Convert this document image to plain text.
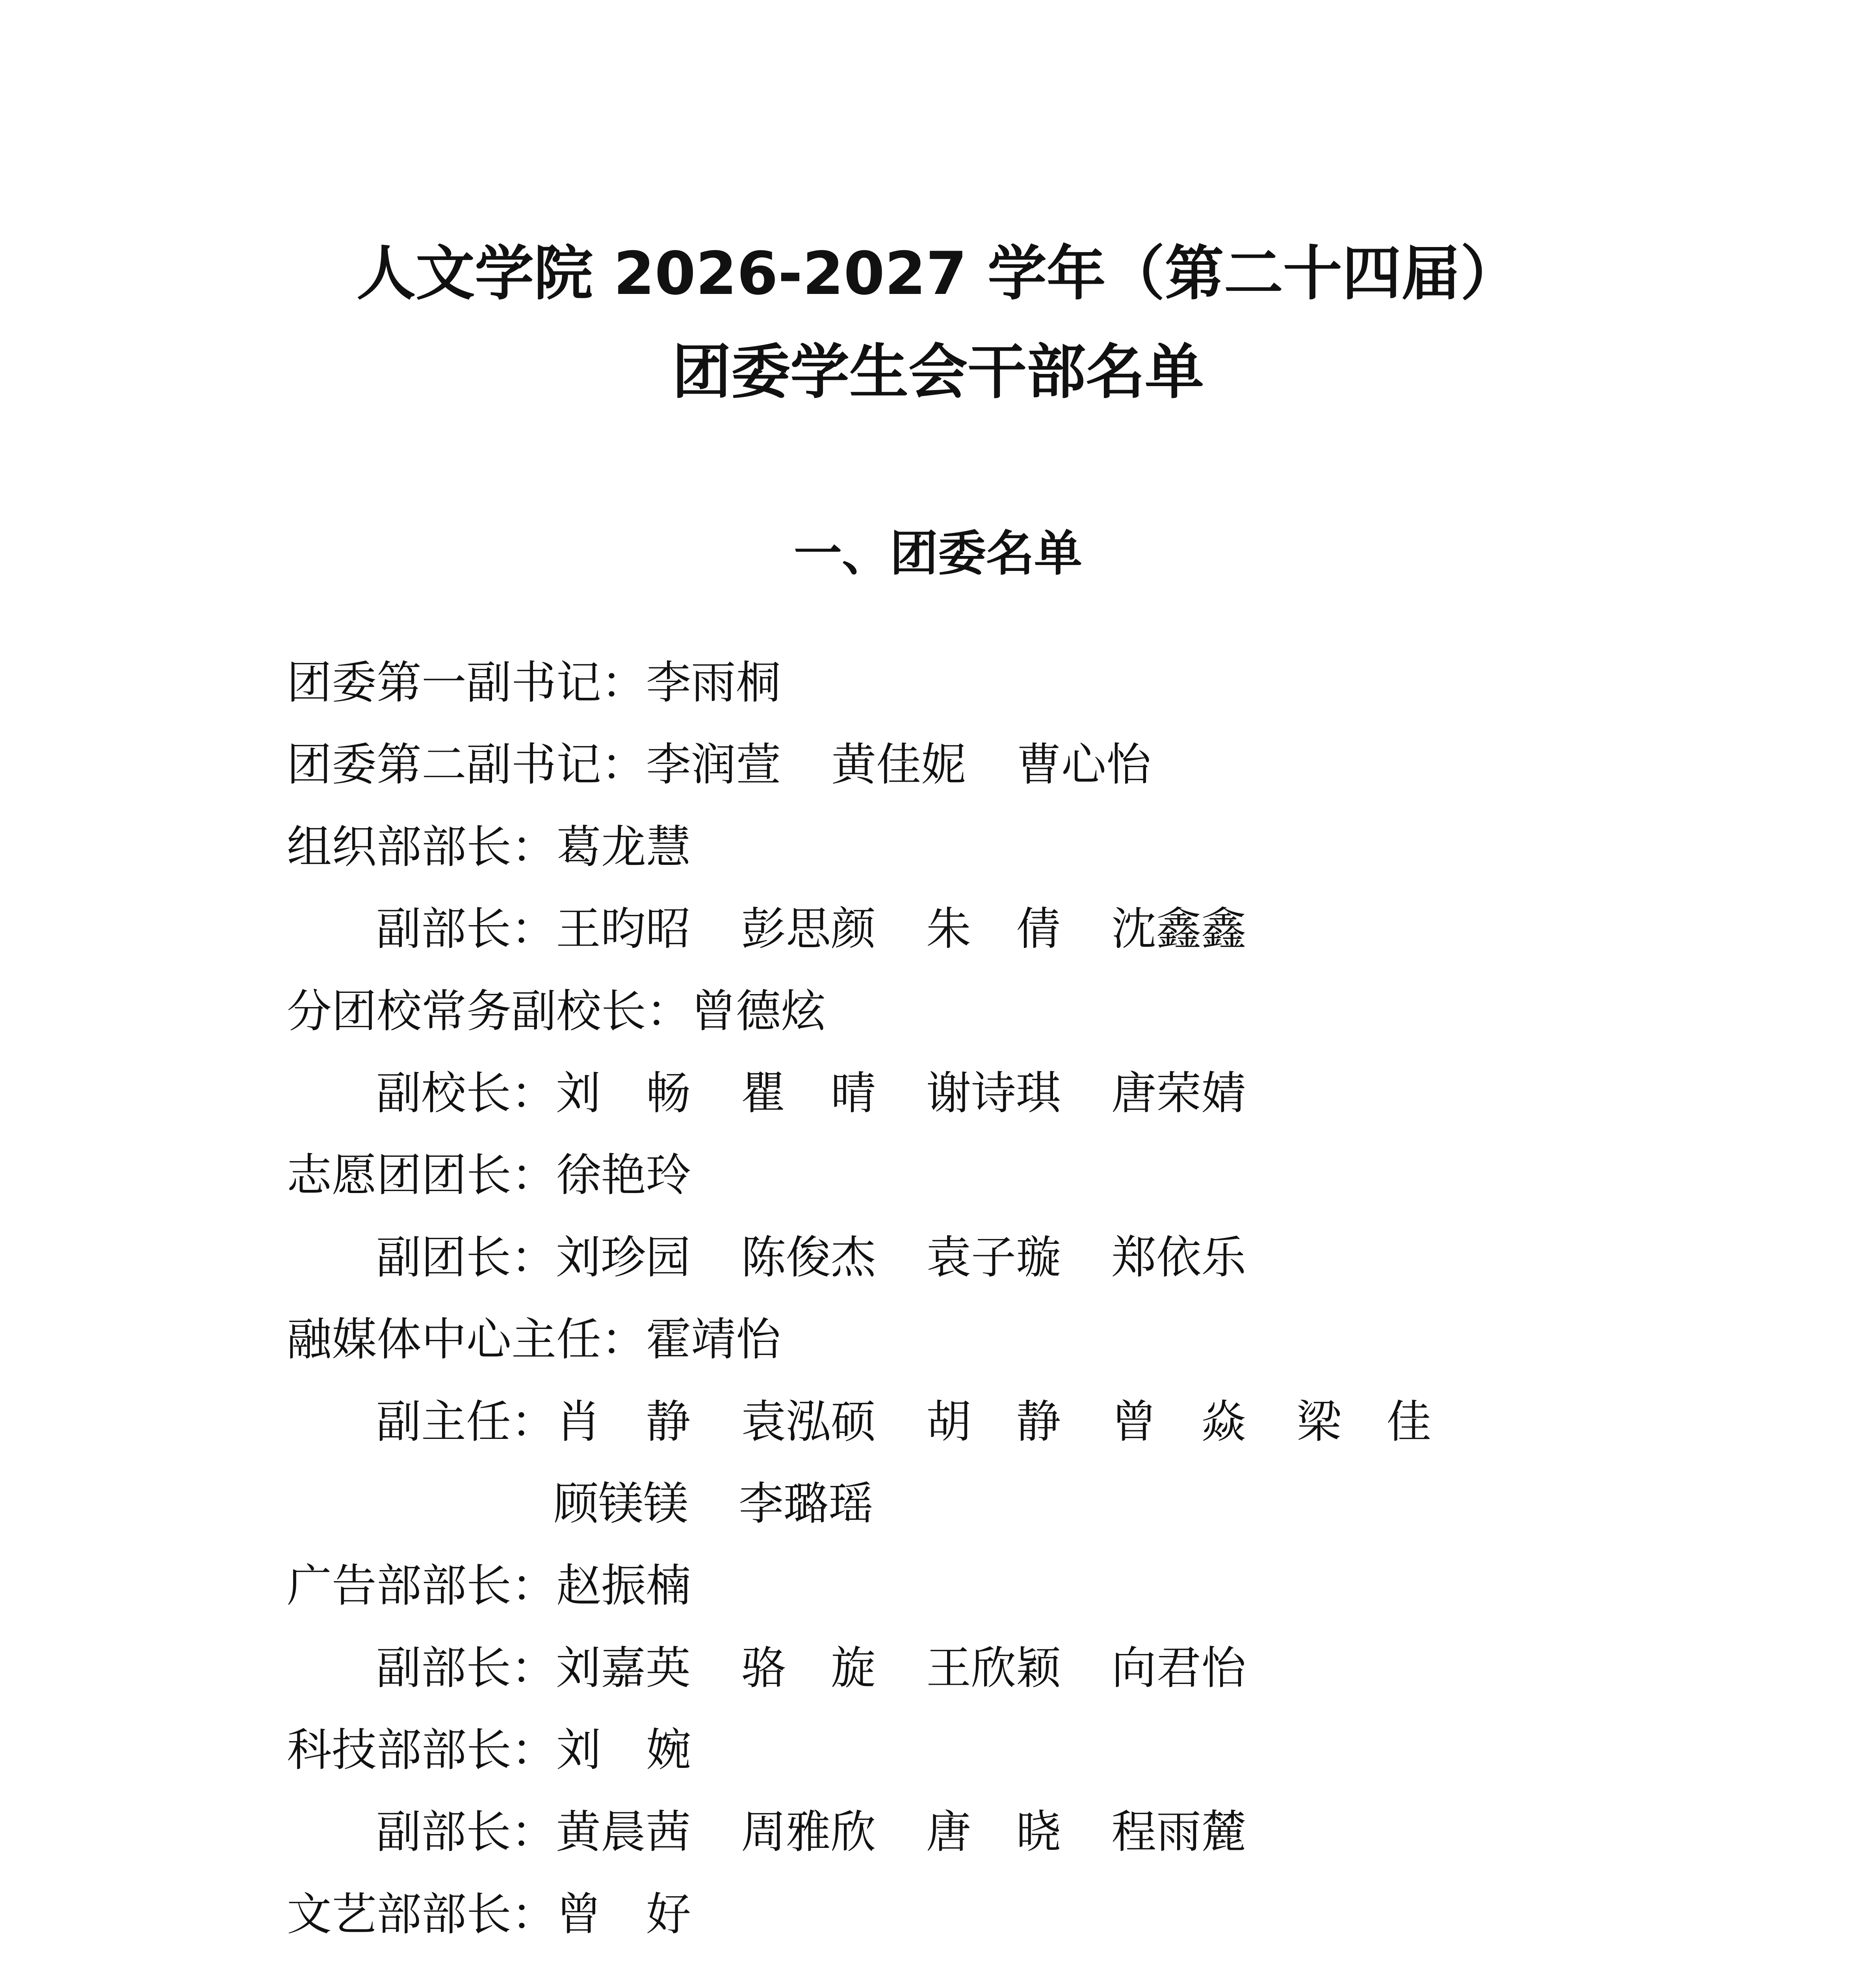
人文学院 2026-2027 学年（第二十四届）
团委学生会干部名单
一、团委名单
团委第一副书记：李雨桐
团委第二副书记：李润萱 黄佳妮 曹心怡
组织部部长：葛龙慧
副部长：王昀昭 彭思颜 朱　倩 沈鑫鑫
分团校常务副校长：曾德炫
副校长：刘　畅 瞿　晴 谢诗琪 唐荣婧
志愿团团长：徐艳玲
副团长：刘珍园 陈俊杰 袁子璇 郑依乐
融媒体中心主任：霍靖怡
副主任：肖　静 袁泓硕 胡　静 曾　焱 梁　佳
顾镁镁 李璐瑶
广告部部长：赵振楠
副部长：刘嘉英 骆　旋 王欣颖 向君怡
科技部部长：刘　婉
副部长：黄晨茜 周雅欣 唐　晓 程雨麓
文艺部部长：曾　好
